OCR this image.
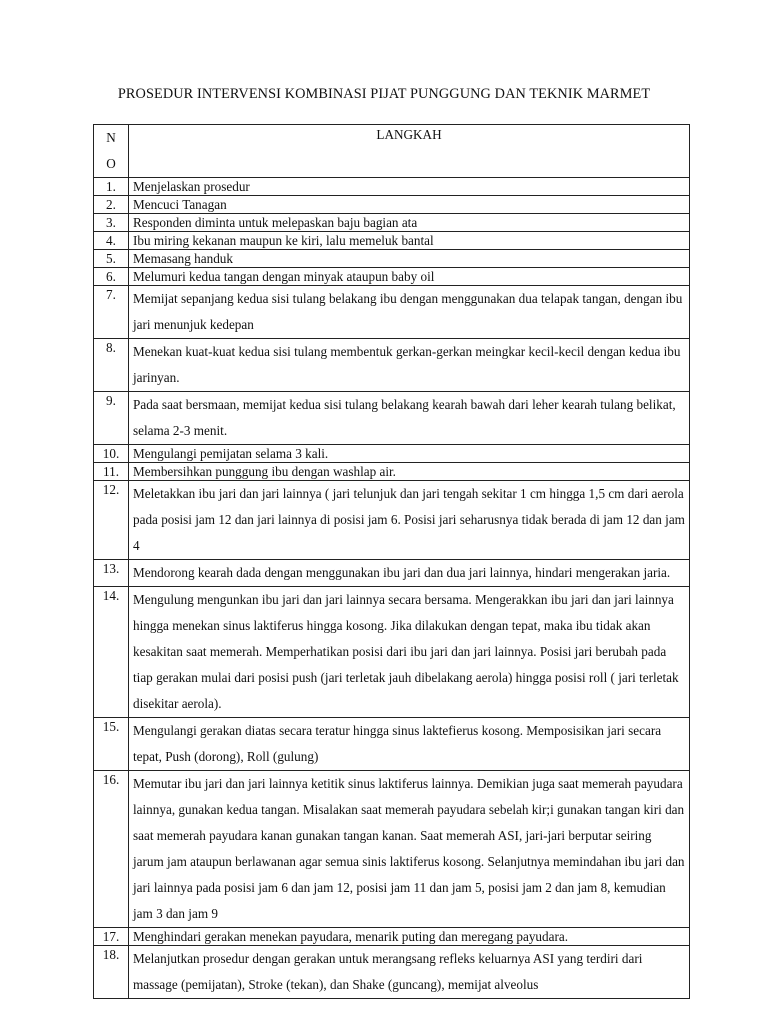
PROSEDUR INTERVENSI KOMBINASI PIJAT PUNGGUNG DAN TEKNIK MARMET
N
O	LANGKAH
1.	Menjelaskan prosedur
2.	Mencuci Tanagan
3.	Responden diminta untuk melepaskan baju bagian ata
4.	Ibu miring kekanan maupun ke kiri, lalu memeluk bantal
5.	Memasang handuk
6.	Melumuri kedua tangan dengan minyak ataupun baby oil
7.	Memijat sepanjang kedua sisi tulang belakang ibu dengan menggunakan dua telapak tangan, dengan ibu jari menunjuk kedepan
8.	Menekan kuat-kuat kedua sisi tulang membentuk gerkan-gerkan meingkar kecil-kecil dengan kedua ibu jarinyan.
9.	Pada saat bersmaan, memijat kedua sisi tulang belakang kearah bawah dari leher kearah tulang belikat, selama 2-3 menit.
10.	Mengulangi pemijatan selama 3 kali.
11.	Membersihkan punggung ibu dengan washlap air.
12.	Meletakkan ibu jari dan jari lainnya ( jari telunjuk dan jari tengah sekitar 1 cm hingga 1,5 cm dari aerola pada posisi jam 12 dan jari lainnya di posisi jam 6. Posisi jari seharusnya tidak berada di jam 12 dan jam 4
13.	Mendorong kearah dada dengan menggunakan ibu jari dan dua jari lainnya, hindari mengerakan jaria.
14.	Mengulung mengunkan ibu jari dan jari lainnya secara bersama. Mengerakkan ibu jari dan jari lainnya hingga menekan sinus laktiferus hingga kosong. Jika dilakukan dengan tepat, maka ibu tidak akan kesakitan saat memerah. Memperhatikan posisi dari ibu jari dan jari lainnya. Posisi jari berubah pada tiap gerakan mulai dari posisi push (jari terletak jauh dibelakang aerola) hingga posisi roll ( jari terletak disekitar aerola).
15.	Mengulangi gerakan diatas secara teratur hingga sinus laktefierus kosong. Memposisikan jari secara tepat, Push (dorong), Roll (gulung)
16.	Memutar ibu jari dan jari lainnya ketitik sinus laktiferus lainnya. Demikian juga saat memerah payudara lainnya, gunakan kedua tangan. Misalakan saat memerah payudara sebelah kir;i gunakan tangan kiri dan saat memerah payudara kanan gunakan tangan kanan. Saat memerah ASI, jari-jari berputar seiring jarum jam ataupun berlawanan agar semua sinis laktiferus kosong. Selanjutnya memindahan ibu jari dan jari lainnya pada posisi jam 6 dan jam 12, posisi jam 11 dan jam 5, posisi jam 2 dan jam 8, kemudian jam 3 dan jam 9
17.	Menghindari gerakan menekan payudara, menarik puting dan meregang payudara.
18.	Melanjutkan prosedur dengan gerakan untuk merangsang refleks keluarnya ASI yang terdiri dari massage (pemijatan), Stroke (tekan), dan Shake (guncang), memijat alveolus
